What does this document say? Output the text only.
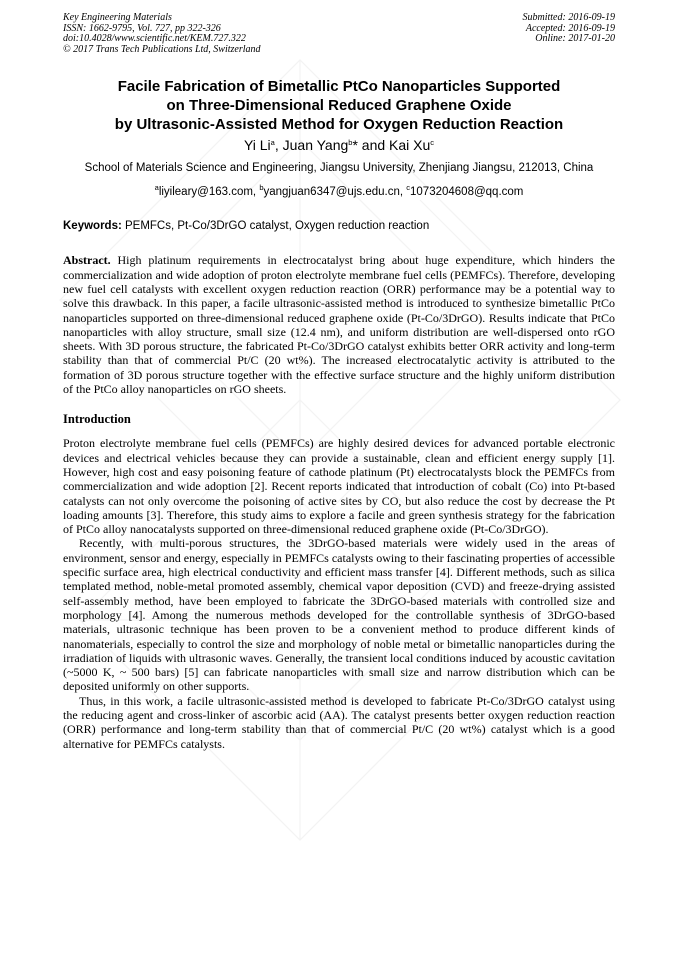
Key Engineering Materials
ISSN: 1662-9795, Vol. 727, pp 322-326
doi:10.4028/www.scientific.net/KEM.727.322
© 2017 Trans Tech Publications Ltd, Switzerland
Submitted: 2016-09-19
Accepted: 2016-09-19
Online: 2017-01-20
Facile Fabrication of Bimetallic PtCo Nanoparticles Supported
on Three-Dimensional Reduced Graphene Oxide
by Ultrasonic-Assisted Method for Oxygen Reduction Reaction
Yi Li$^a$, Juan Yang$^b$* and Kai Xu$^c$
School of Materials Science and Engineering, Jiangsu University, Zhenjiang Jiangsu, 212013, China
$^a$liyileary@163.com, $^b$yangjuan6347@ujs.edu.cn, $^c$1073204608@qq.com
Keywords: PEMFCs, Pt-Co/3DrGO catalyst, Oxygen reduction reaction
Abstract. High platinum requirements in electrocatalyst bring about huge expenditure, which hinders the commercialization and wide adoption of proton electrolyte membrane fuel cells (PEMFCs). Therefore, developing new fuel cell catalysts with excellent oxygen reduction reaction (ORR) performance may be a potential way to solve this drawback. In this paper, a facile ultrasonic-assisted method is introduced to synthesize bimetallic PtCo nanoparticles supported on three-dimensional reduced graphene oxide (Pt-Co/3DrGO). Results indicate that PtCo nanoparticles with alloy structure, small size (12.4 nm), and uniform distribution are well-dispersed onto rGO sheets. With 3D porous structure, the fabricated Pt-Co/3DrGO catalyst exhibits better ORR activity and long-term stability than that of commercial Pt/C (20 wt%). The increased electrocatalytic activity is attributed to the formation of 3D porous structure together with the effective surface structure and the highly uniform distribution of the PtCo alloy nanoparticles on rGO sheets.
Introduction

Proton electrolyte membrane fuel cells (PEMFCs) are highly desired devices for advanced portable electronic devices and electrical vehicles because they can provide a sustainable, clean and efficient energy supply [1]. However, high cost and easy poisoning feature of cathode platinum (Pt) electrocatalysts block the PEMFCs from commercialization and wide adoption [2]. Recent reports indicated that introduction of cobalt (Co) into Pt-based catalysts can not only overcome the poisoning of active sites by CO, but also reduce the cost by decrease the Pt loading amounts [3]. Therefore, this study aims to explore a facile and green synthesis strategy for the fabrication of PtCo alloy nanocatalysts supported on three-dimensional reduced graphene oxide (Pt-Co/3DrGO).

Recently, with multi-porous structures, the 3DrGO-based materials were widely used in the areas of environment, sensor and energy, especially in PEMFCs catalysts owing to their fascinating properties of accessible specific surface area, high electrical conductivity and efficient mass transfer [4]. Different methods, such as silica templated method, noble-metal promoted assembly, chemical vapor deposition (CVD) and freeze-drying assisted self-assembly method, have been employed to fabricate the 3DrGO-based materials with controlled size and morphology [4]. Among the numerous methods developed for the controllable synthesis of 3DrGO-based materials, ultrasonic technique has been proven to be a convenient method to produce different kinds of nanomaterials, especially to control the size and morphology of noble metal or bimetallic nanoparticles during the irradiation of liquids with ultrasonic waves. Generally, the transient local conditions induced by acoustic cavitation (~5000 K, ~ 500 bars) [5] can fabricate nanoparticles with small size and narrow distribution which can be deposited uniformly on other supports.

Thus, in this work, a facile ultrasonic-assisted method is developed to fabricate Pt-Co/3DrGO catalyst using the reducing agent and cross-linker of ascorbic acid (AA). The catalyst presents better oxygen reduction reaction (ORR) performance and long-term stability than that of commercial Pt/C (20 wt%) catalyst which is a good alternative for PEMFCs catalysts.
